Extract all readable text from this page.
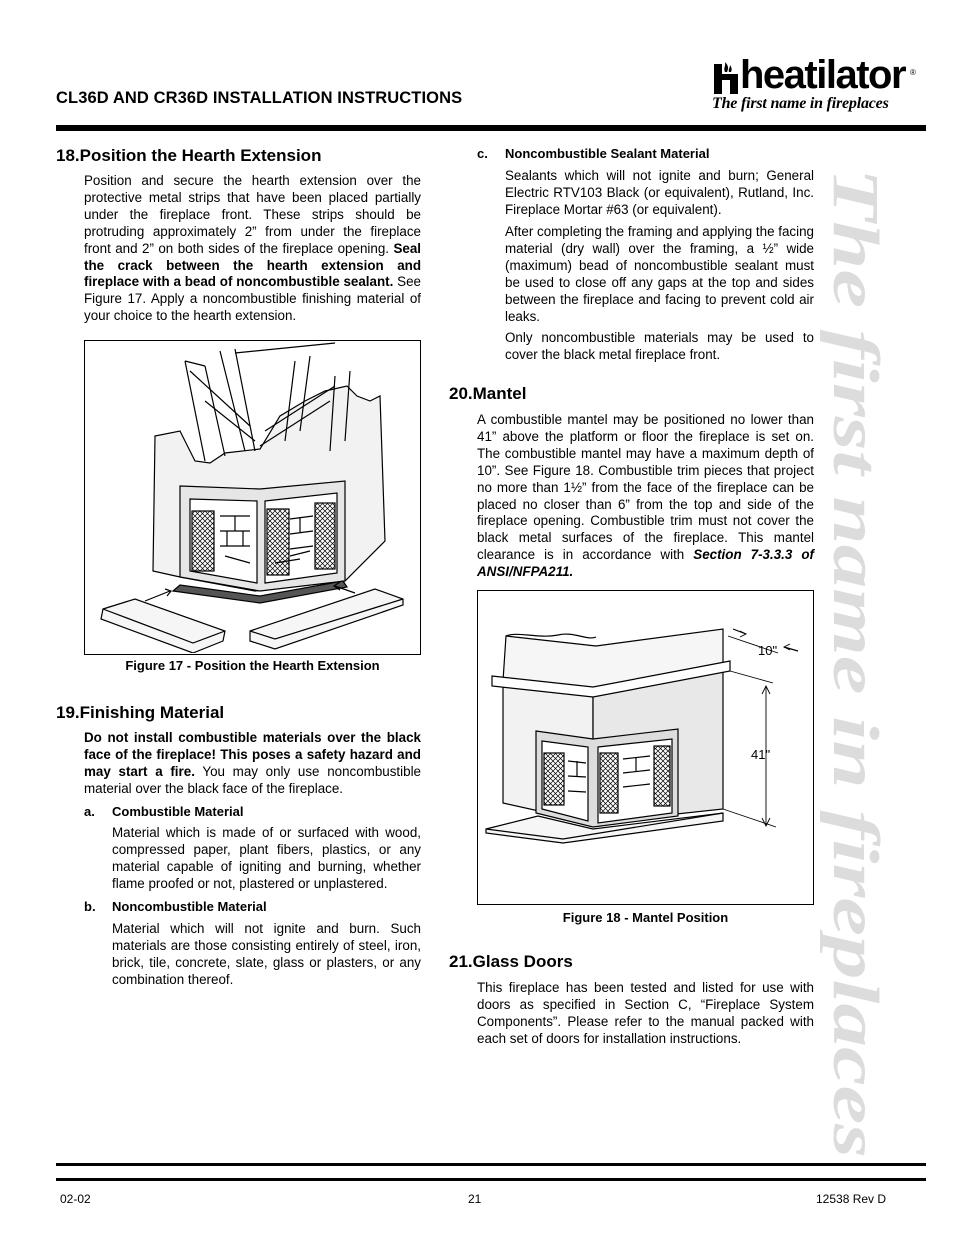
CL36D AND CR36D INSTALLATION INSTRUCTIONS
heatilator ®
The first name in fireplaces
The first name in fireplaces
18.Position the Hearth Extension
Position and secure the hearth extension over the protective metal strips that have been placed partially under the fireplace front. These strips should be protruding approximately 2” from under the fireplace front and 2” on both sides of the fireplace opening. Seal the crack between the hearth extension and fireplace with a bead of noncombustible sealant. See Figure 17. Apply a noncombustible finishing material of your choice to the hearth extension.
Figure 17 - Position the Hearth Extension
19.Finishing Material
Do not install combustible materials over the black face of the fireplace! This poses a safety hazard and may start a fire. You may only use noncombustible material over the black face of the fireplace.
a. Combustible Material
Material which is made of or surfaced with wood, compressed paper, plant fibers, plastics, or any material capable of igniting and burning, whether flame proofed or not, plastered or unplastered.
b. Noncombustible Material
Material which will not ignite and burn. Such materials are those consisting entirely of steel, iron, brick, tile, concrete, slate, glass or plasters, or any combination thereof.
c. Noncombustible Sealant Material
Sealants which will not ignite and burn; General Electric RTV103 Black (or equivalent), Rutland, Inc. Fireplace Mortar #63 (or equivalent).
After completing the framing and applying the facing material (dry wall) over the framing, a ½” wide (maximum) bead of noncombustible sealant must be used to close off any gaps at the top and sides between the fireplace and facing to prevent cold air leaks.
Only noncombustible materials may be used to cover the black metal fireplace front.
20.Mantel
A combustible mantel may be positioned no lower than 41” above the platform or floor the fireplace is set on. The combustible mantel may have a maximum depth of 10”. See Figure 18. Combustible trim pieces that project no more than 1½” from the face of the fireplace can be placed no closer than 6” from the top and side of the fireplace opening. Combustible trim must not cover the black metal surfaces of the fireplace. This mantel clearance is in accordance with Section 7-3.3.3 of ANSI/NFPA211.
10"
41"
Figure 18 - Mantel Position
21.Glass Doors
This fireplace has been tested and listed for use with doors as specified in Section C, “Fireplace System Components”. Please refer to the manual packed with each set of doors for installation instructions.
02-02	21	12538 Rev D
